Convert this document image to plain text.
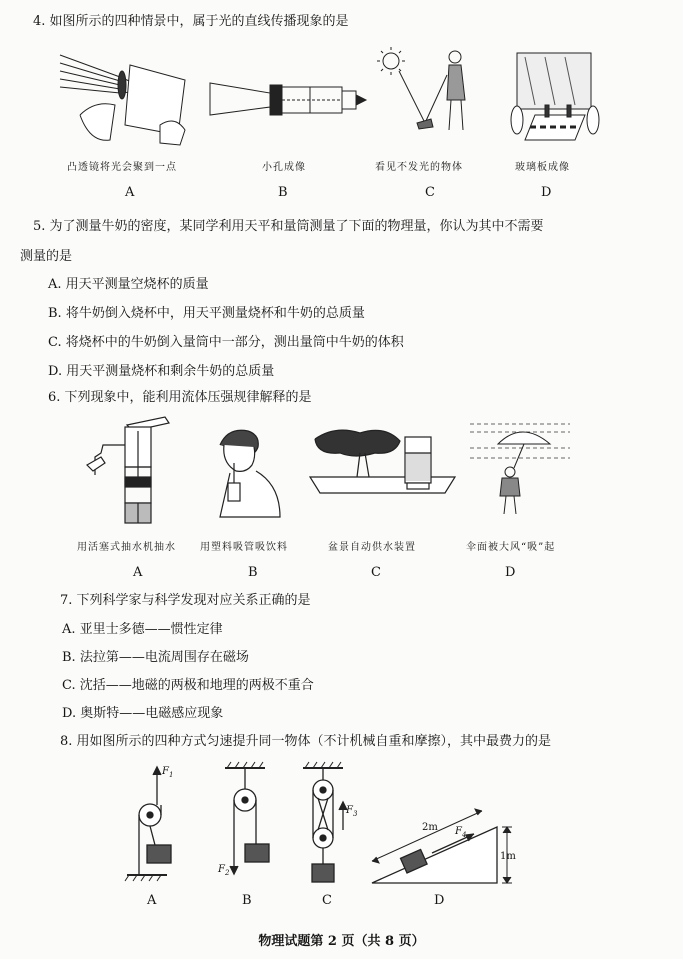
4. 如图所示的四种情景中，属于光的直线传播现象的是
凸透镜将光会聚到一点
A
小孔成像
B
看见不发光的物体
C
玻璃板成像
D
5. 为了测量牛奶的密度，某同学利用天平和量筒测量了下面的物理量，你认为其中不需要
测量的是
A. 用天平测量空烧杯的质量
B. 将牛奶倒入烧杯中，用天平测量烧杯和牛奶的总质量
C. 将烧杯中的牛奶倒入量筒中一部分，测出量筒中牛奶的体积
D. 用天平测量烧杯和剩余牛奶的总质量
6. 下列现象中，能利用流体压强规律解释的是
用活塞式抽水机抽水
A
用塑料吸管吸饮料
B
盆景自动供水装置
C
伞面被大风“吸”起
D
7. 下列科学家与科学发现对应关系正确的是
A. 亚里士多德——惯性定律
B. 法拉第——电流周围存在磁场
C. 沈括——地磁的两极和地理的两极不重合
D. 奥斯特——电磁感应现象
8. 用如图所示的四种方式匀速提升同一物体（不计机械自重和摩擦），其中最费力的是
$F_1$
A
$F_2$
B
$F_3$
C
2m
1m
$F_4$
D
物理试题第 2 页（共 8 页）
